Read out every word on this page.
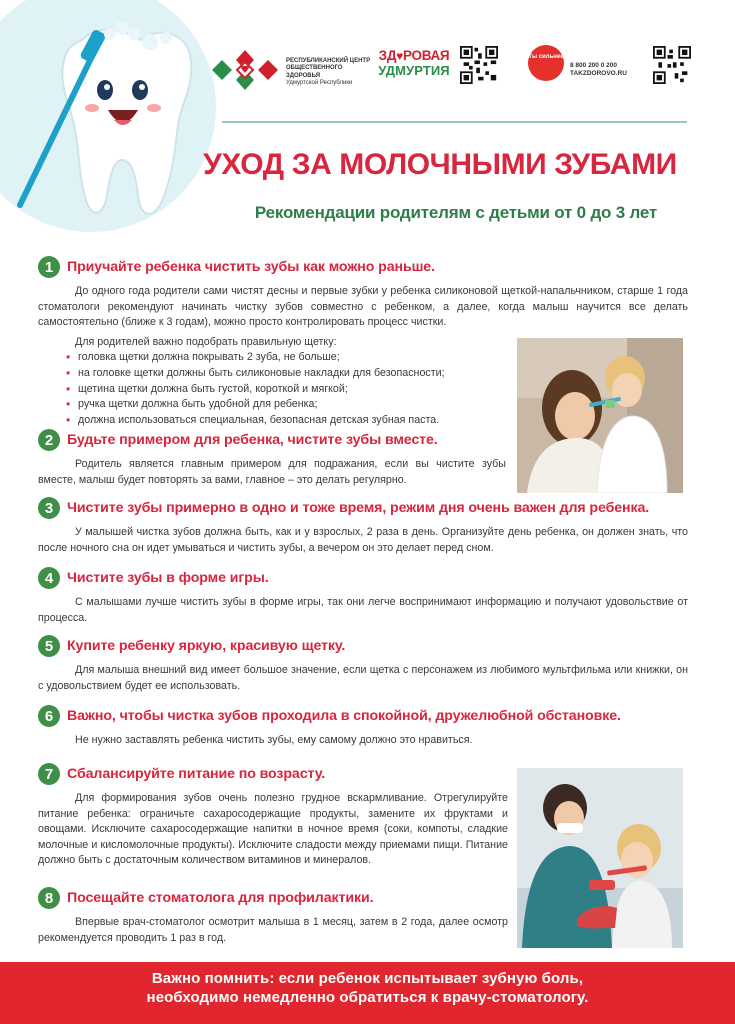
РЕСПУБЛИКАНСКИЙ ЦЕНТР
ОБЩЕСТВЕННОГО ЗДОРОВЬЯ
Удмуртской Республики
ЗД♥РОВАЯ
УДМУРТИЯ
Ты сильнее
8 800 200 0 200
TAKZDOROVO.RU
УХОД ЗА МОЛОЧНЫМИ ЗУБАМИ
Рекомендации родителям с детьми от 0 до 3 лет
1 Приучайте ребенка чистить зубы как можно раньше.

До одного года родители сами чистят десны и первые зубки у ребенка силиконовой щеткой-напальчником, старше 1 года стоматологи рекомендуют начинать чистку зубов совместно с ребенком, а далее, когда малыш научится все делать самостоятельно (ближе к 3 годам), можно просто контролировать процесс чистки.

Для родителей важно подобрать правильную щетку:

• головка щетки должна покрывать 2 зуба, не больше;
• на головке щетки должны быть силиконовые накладки для безопасности;
• щетина щетки должна быть густой, короткой и мягкой;
• ручка щетки должна быть удобной для ребенка;
• должна использоваться специальная, безопасная детская зубная паста.
2 Будьте примером для ребенка, чистите зубы вместе.

Родитель является главным примером для подражания, если вы чистите зубы вместе, малыш будет повторять за вами, главное – это делать регулярно.

3 Чистите зубы примерно в одно и тоже время, режим дня очень важен для ребенка.

У малышей чистка зубов должна быть, как и у взрослых, 2 раза в день. Организуйте день ребенка, он должен знать, что после ночного сна он идет умываться и чистить зубы, а вечером он это делает перед сном.

4 Чистите зубы в форме игры.

С малышами лучше чистить зубы в форме игры, так они легче воспринимают информацию и получают удовольствие от процесса.

5 Купите ребенку яркую, красивую щетку.

Для малыша внешний вид имеет большое значение, если щетка с персонажем из любимого мультфильма или книжки, он с удовольствием будет ее использовать.

6 Важно, чтобы чистка зубов проходила в спокойной, дружелюбной обстановке.

Не нужно заставлять ребенка чистить зубы, ему самому должно это нравиться.

7 Сбалансируйте питание по возрасту.

Для формирования зубов очень полезно грудное вскармливание. Отрегулируйте питание ребенка: ограничьте сахаросодержащие продукты, замените их фруктами и овощами. Исключите сахаросодержащие напитки в ночное время (соки, компоты, сладкие молочные и кисломолочные продукты). Исключите сладости между приемами пищи. Питание должно быть с достаточным количеством витаминов и минералов.

8 Посещайте стоматолога для профилактики.

Впервые врач-стоматолог осмотрит малыша в 1 месяц, затем в 2 года, далее осмотр рекомендуется проводить 1 раз в год.

Важно помнить: если ребенок испытывает зубную боль,
необходимо немедленно обратиться к врачу-стоматологу.
